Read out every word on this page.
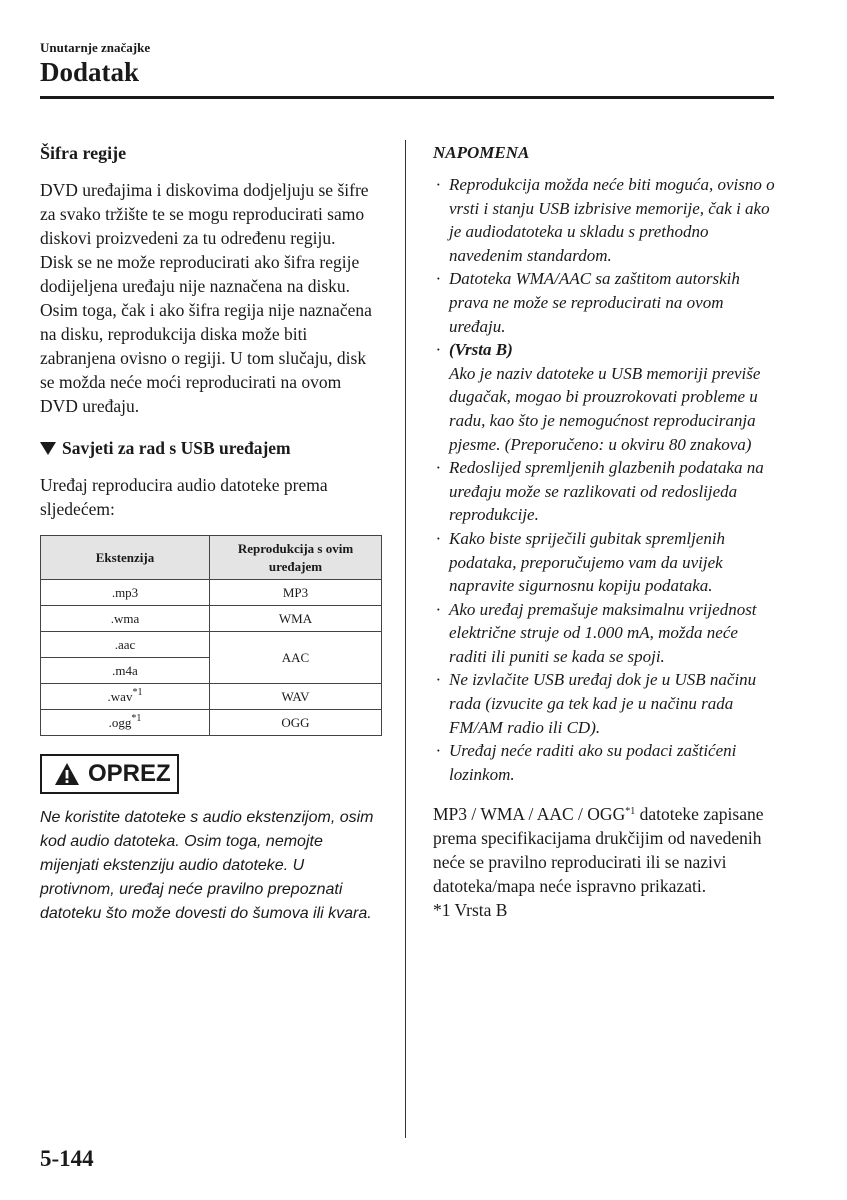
Unutarnje značajke
Dodatak

Šifra regije

DVD uređajima i diskovima dodjeljuju se šifre za svako tržište te se mogu reproducirati samo diskovi proizvedeni za tu određenu regiju.

Disk se ne može reproducirati ako šifra regije dodijeljena uređaju nije naznačena na disku.

Osim toga, čak i ako šifra regija nije naznačena na disku, reprodukcija diska može biti zabranjena ovisno o regiji. U tom slučaju, disk se možda neće moći reproducirati na ovom DVD uređaju.

Savjeti za rad s USB uređajem

Uređaj reproducira audio datoteke prema sljedećem:

Ekstenzija	Reprodukcija s ovim uređajem
.mp3	MP3
.wma	WMA
.aac	AAC
.m4a	
.wav$^{*1}$	WAV
.ogg$^{*1}$	OGG
OPREZ
Ne koristite datoteke s audio ekstenzijom, osim kod audio datoteka. Osim toga, nemojte mijenjati ekstenziju audio datoteke. U protivnom, uređaj neće pravilno prepoznati datoteku što može dovesti do šumova ili kvara.

NAPOMENA

· Reprodukcija možda neće biti moguća, ovisno o vrsti i stanju USB izbrisive memorije, čak i ako je audiodatoteka u skladu s prethodno navedenim standardom.
· Datoteka WMA/AAC sa zaštitom autorskih prava ne može se reproducirati na ovom uređaju.
· (Vrsta B)
Ako je naziv datoteke u USB memoriji previše dugačak, mogao bi prouzrokovati probleme u radu, kao što je nemogućnost reproduciranja pjesme. (Preporučeno: u okviru 80 znakova)
· Redoslijed spremljenih glazbenih podataka na uređaju može se razlikovati od redoslijeda reprodukcije.
· Kako biste spriječili gubitak spremljenih podataka, preporučujemo vam da uvijek napravite sigurnosnu kopiju podataka.
· Ako uređaj premašuje maksimalnu vrijednost električne struje od 1.000 mA, možda neće raditi ili puniti se kada se spoji.
· Ne izvlačite USB uređaj dok je u USB načinu rada (izvucite ga tek kad je u načinu rada FM/AM radio ili CD).
· Uređaj neće raditi ako su podaci zaštićeni lozinkom.

MP3 / WMA / AAC / OGG$^{*1}$ datoteke zapisane prema specifikacijama drukčijim od navedenih neće se pravilno reproducirati ili se nazivi datoteka/mapa neće ispravno prikazati.

*1 Vrsta B

5-144
